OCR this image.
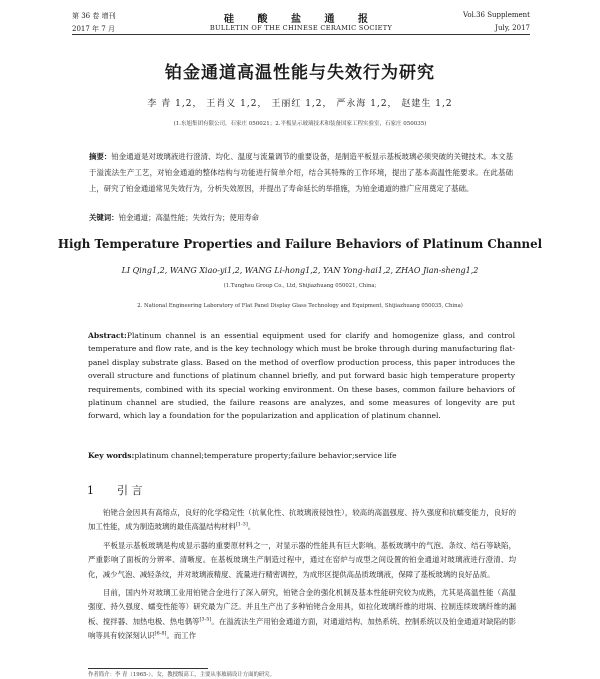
第 36 卷 增刊
2017 年 7 月
硅 酸 盐 通 报
BULLETIN OF THE CHINESE CERAMIC SOCIETY
Vol.36 Supplement
July, 2017
铂金通道高温性能与失效行为研究
李 青 1,2， 王肖义 1,2， 王丽红 1,2， 严永海 1,2， 赵建生 1,2
(1.东旭集团有限公司，石家庄 050021；2.平板显示玻璃技术和装备国家工程实验室，石家庄 050035)
摘要：铂金通道是对玻璃液进行澄清、均化、温度与流量调节的重要设备，是制造平板显示基板玻璃必须突破的关键技术。本文基于溢流法生产工艺，对铂金通道的整体结构与功能进行简单介绍，结合其特殊的工作环境，提出了基本高温性能要求。在此基础上，研究了铂金通道常见失效行为，分析失效原因，并提出了寿命延长的举措施，为铂金通道的推广应用奠定了基础。
关键词：铂金通道；高温性能；失效行为；使用寿命
High Temperature Properties and Failure Behaviors of Platinum Channel
LI Qing1,2, WANG Xiao-yi1,2, WANG Li-hong1,2, YAN Yong-hai1,2, ZHAO Jian-sheng1,2
(1.Tunghsu Group Co., Ltd, Shijiazhuang 050021, China;
2. National Engineering Laboratory of Flat Panel Display Glass Technology and Equipment, Shijiazhuang 050035, China)
Abstract:Platinum channel is an essential equipment used for clarify and homogenize glass, and control temperature and flow rate, and is the key technology which must be broke through during manufacturing flat-panel display substrate glass. Based on the method of overflow production process, this paper introduces the overall structure and functions of platinum channel briefly, and put forward basic high temperature property requirements, combined with its special working environment. On these bases, common failure behaviors of platinum channel are studied, the failure reasons are analyzes, and some measures of longevity are put forward, which lay a foundation for the popularization and application of platinum channel.
Key words:platinum channel;temperature property;failure behavior;service life
1 引 言

铂铑合金因具有高熔点，良好的化学稳定性（抗氧化性、抗玻璃液侵蚀性），较高的高温强度、持久强度和抗蠕变能力，良好的加工性能，成为制造玻璃的最佳高温结构材料[1-3]。

平板显示基板玻璃是构成显示器的重要原材料之一，对显示器的性能具有巨大影响。基板玻璃中的气泡、条纹、结石等缺陷，严重影响了面板的分辨率、清晰度。在基板玻璃生产制造过程中，通过在窑炉与成型之间设置的铂金通道对玻璃液进行澄清、均化，减少气泡、减轻条纹，并对玻璃液精度、流量进行精密调控，为成形区提供高品质玻璃液，保障了基板玻璃的良好品质。

目前，国内外对玻璃工业用铂铑合金进行了深入研究，铂铑合金的强化机制及基本性能研究较为成熟，尤其是高温性能（高温强度、持久强度、蠕变性能等）研究最为广泛。并且生产出了多种铂铑合金用具，如拉化玻璃纤维的坩埚、拉制连续玻璃纤维的漏板、搅拌器、加热电极、热电偶等[3-5]。在溢流法生产用铂金通道方面，对通道结构、加热系统、控制系统以及铂金通道对缺陷的影响等具有较深刻认识[6-8]。而工作

作者简介：李 青（1965-），女，教授级高工，主要从事玻璃设计方面的研究。
